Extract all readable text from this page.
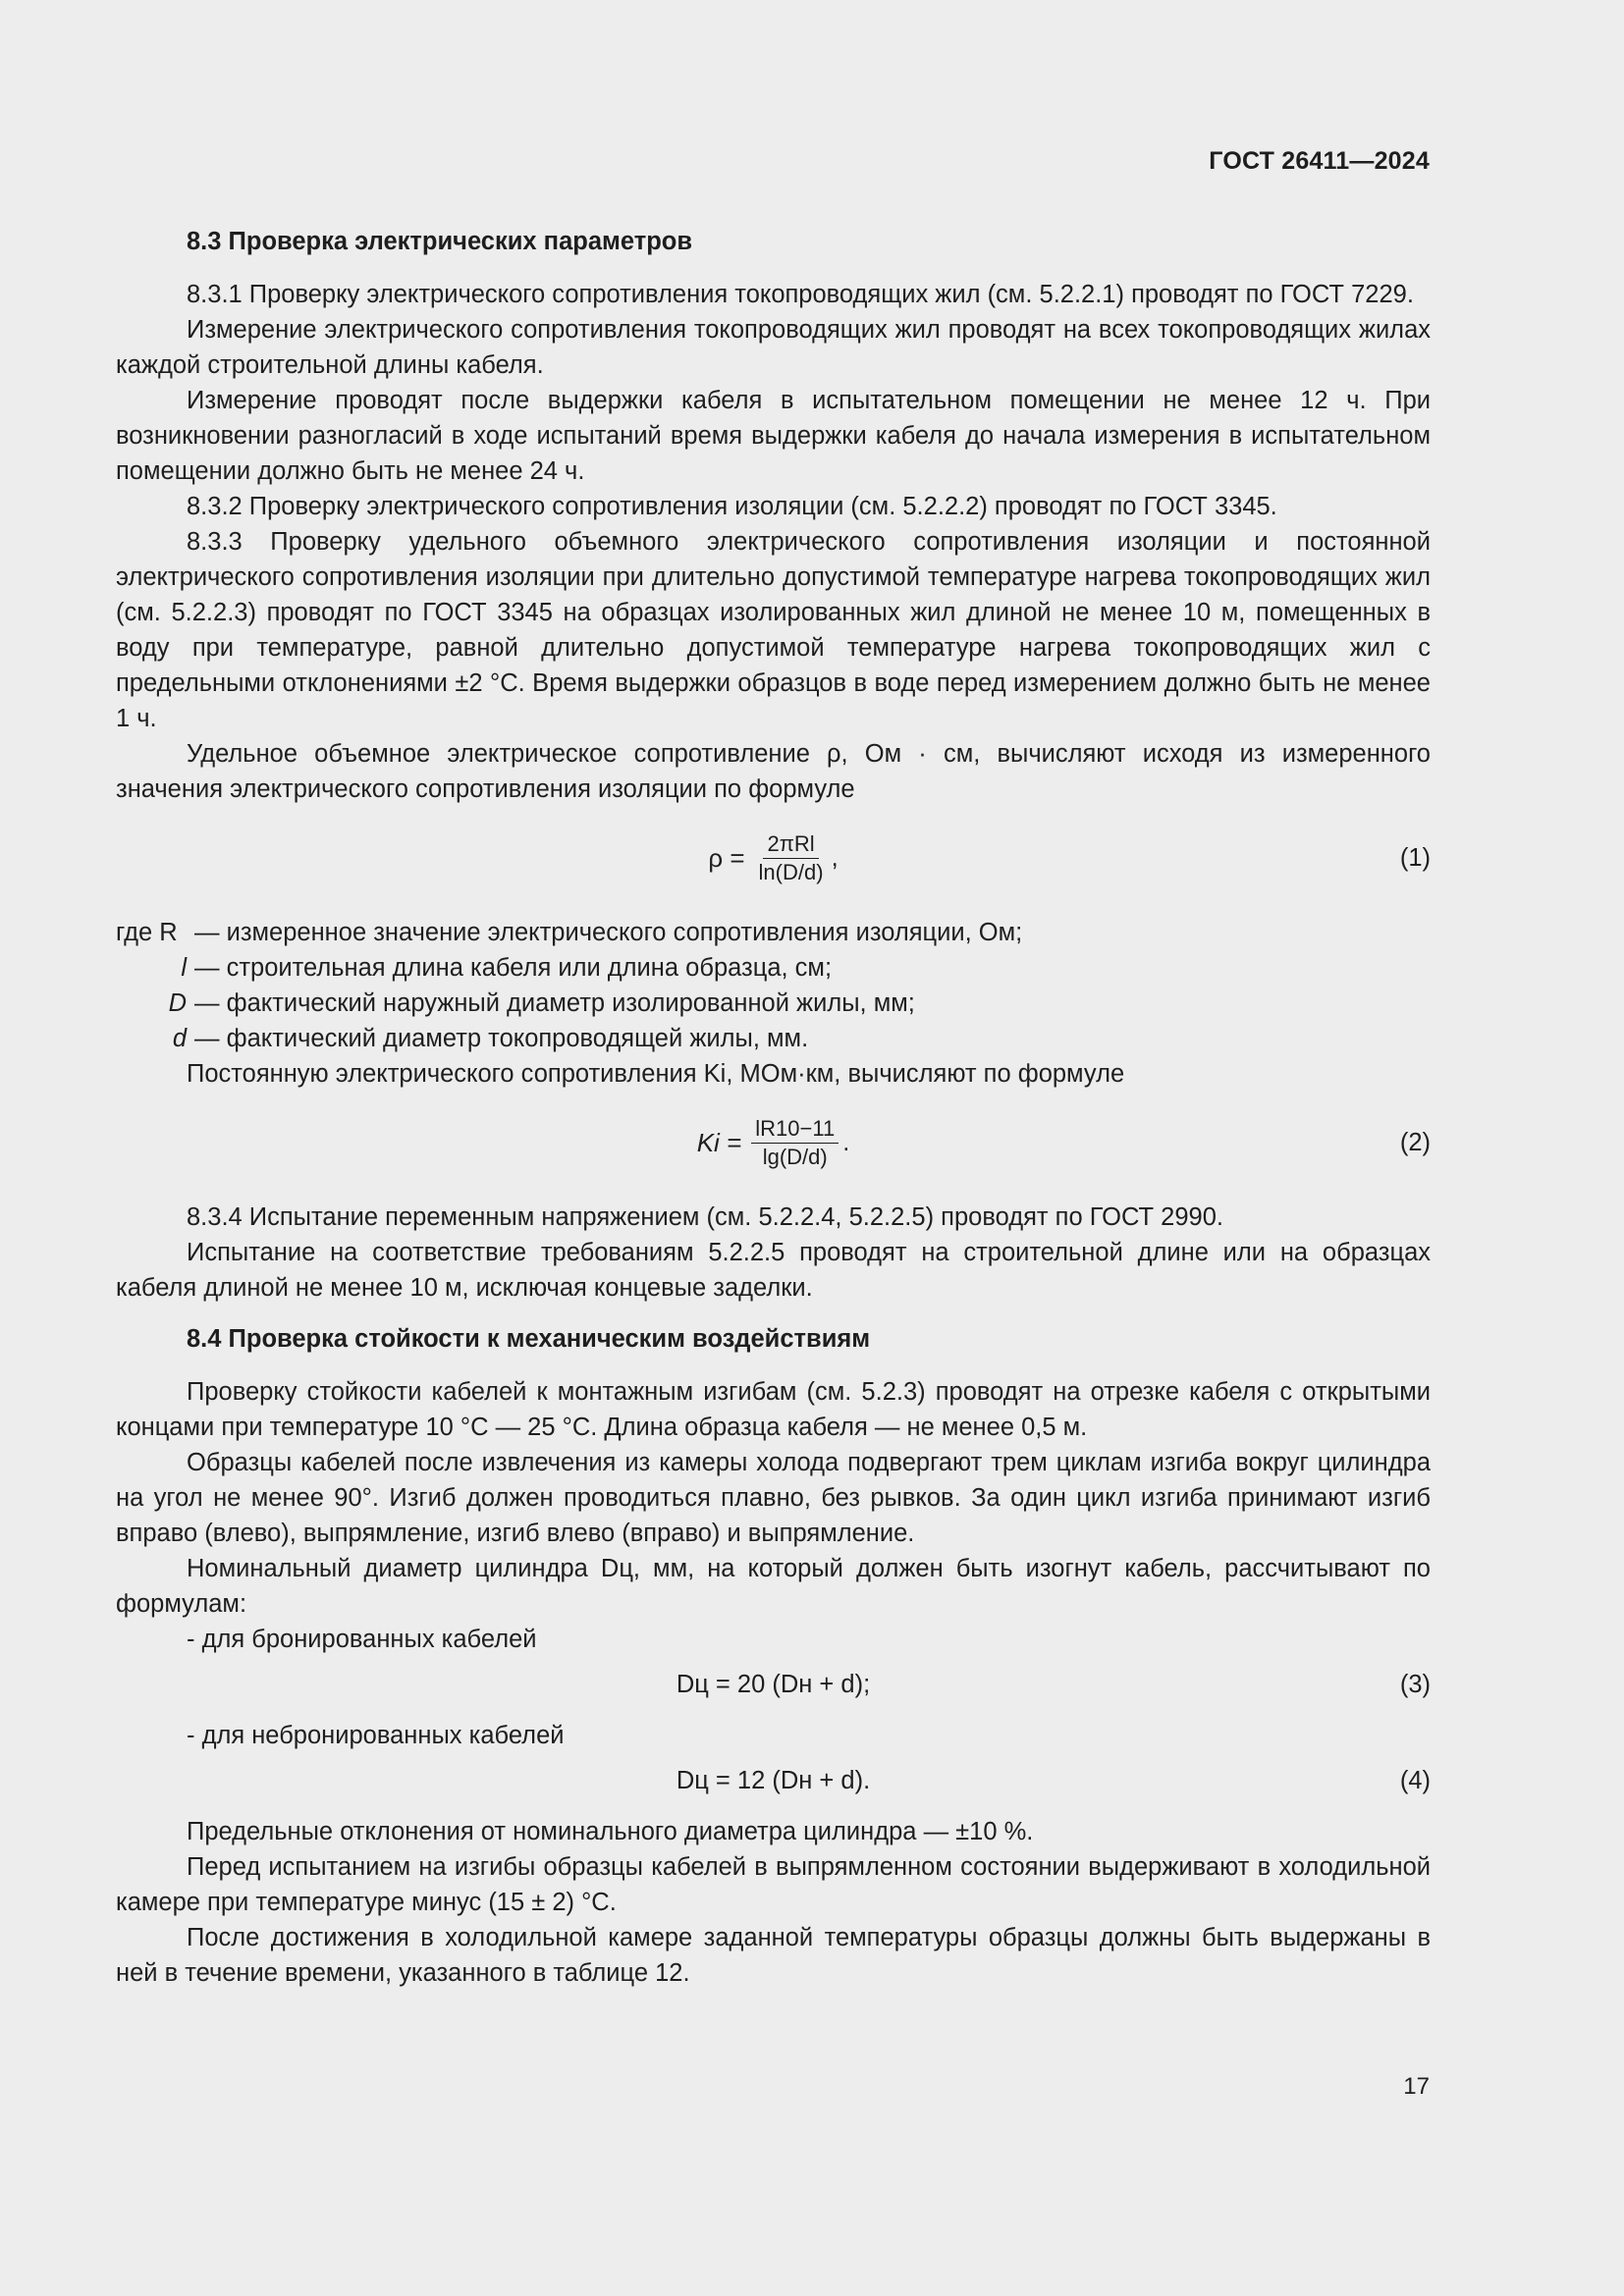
ГОСТ 26411—2024
8.3 Проверка электрических параметров

8.3.1 Проверку электрического сопротивления токопроводящих жил (см. 5.2.2.1) проводят по ГОСТ 7229.

Измерение электрического сопротивления токопроводящих жил проводят на всех токопроводящих жилах каждой строительной длины кабеля.

Измерение проводят после выдержки кабеля в испытательном помещении не менее 12 ч. При возникновении разногласий в ходе испытаний время выдержки кабеля до начала измерения в испытательном помещении должно быть не менее 24 ч.

8.3.2 Проверку электрического сопротивления изоляции (см. 5.2.2.2) проводят по ГОСТ 3345.

8.3.3 Проверку удельного объемного электрического сопротивления изоляции и постоянной электрического сопротивления изоляции при длительно допустимой температуре нагрева токопроводящих жил (см. 5.2.2.3) проводят по ГОСТ 3345 на образцах изолированных жил длиной не менее 10 м, помещенных в воду при температуре, равной длительно допустимой температуре нагрева токопроводящих жил с предельными отклонениями ±2 °С. Время выдержки образцов в воде перед измерением должно быть не менее 1 ч.

Удельное объемное электрическое сопротивление ρ, Ом · см, вычисляют исходя из измеренного значения электрического сопротивления изоляции по формуле

$\rho = \frac{\text{2πRl}}{\ln(D/d)}$ ,	(1)
где R — измеренное значение электрического сопротивления изоляции, Ом;
l — строительная длина кабеля или длина образца, см;
D — фактический наружный диаметр изолированной жилы, мм;
d — фактический диаметр токопроводящей жилы, мм.

Постоянную электрического сопротивления Ki, МОм·км, вычисляют по формуле

$Ki = \frac{lR10-11}{\lg(D/d)}$ .	(2)

8.3.4 Испытание переменным напряжением (см. 5.2.2.4, 5.2.2.5) проводят по ГОСТ 2990.

Испытание на соответствие требованиям 5.2.2.5 проводят на строительной длине или на образцах кабеля длиной не менее 10 м, исключая концевые заделки.

8.4 Проверка стойкости к механическим воздействиям

Проверку стойкости кабелей к монтажным изгибам (см. 5.2.3) проводят на отрезке кабеля с открытыми концами при температуре 10 °С — 25 °С. Длина образца кабеля — не менее 0,5 м.

Образцы кабелей после извлечения из камеры холода подвергают трем циклам изгиба вокруг цилиндра на угол не менее 90°. Изгиб должен проводиться плавно, без рывков. За один цикл изгиба принимают изгиб вправо (влево), выпрямление, изгиб влево (вправо) и выпрямление.

Номинальный диаметр цилиндра Dц, мм, на который должен быть изогнут кабель, рассчитывают по формулам:

- для бронированных кабелей

Dц = 20 (Dн + d);	(3)

- для небронированных кабелей

Dц = 12 (Dн + d).	(4)

Предельные отклонения от номинального диаметра цилиндра — ±10 %.

Перед испытанием на изгибы образцы кабелей в выпрямленном состоянии выдерживают в холодильной камере при температуре минус (15 ± 2) °С.

После достижения в холодильной камере заданной температуры образцы должны быть выдержаны в ней в течение времени, указанного в таблице 12.

17
